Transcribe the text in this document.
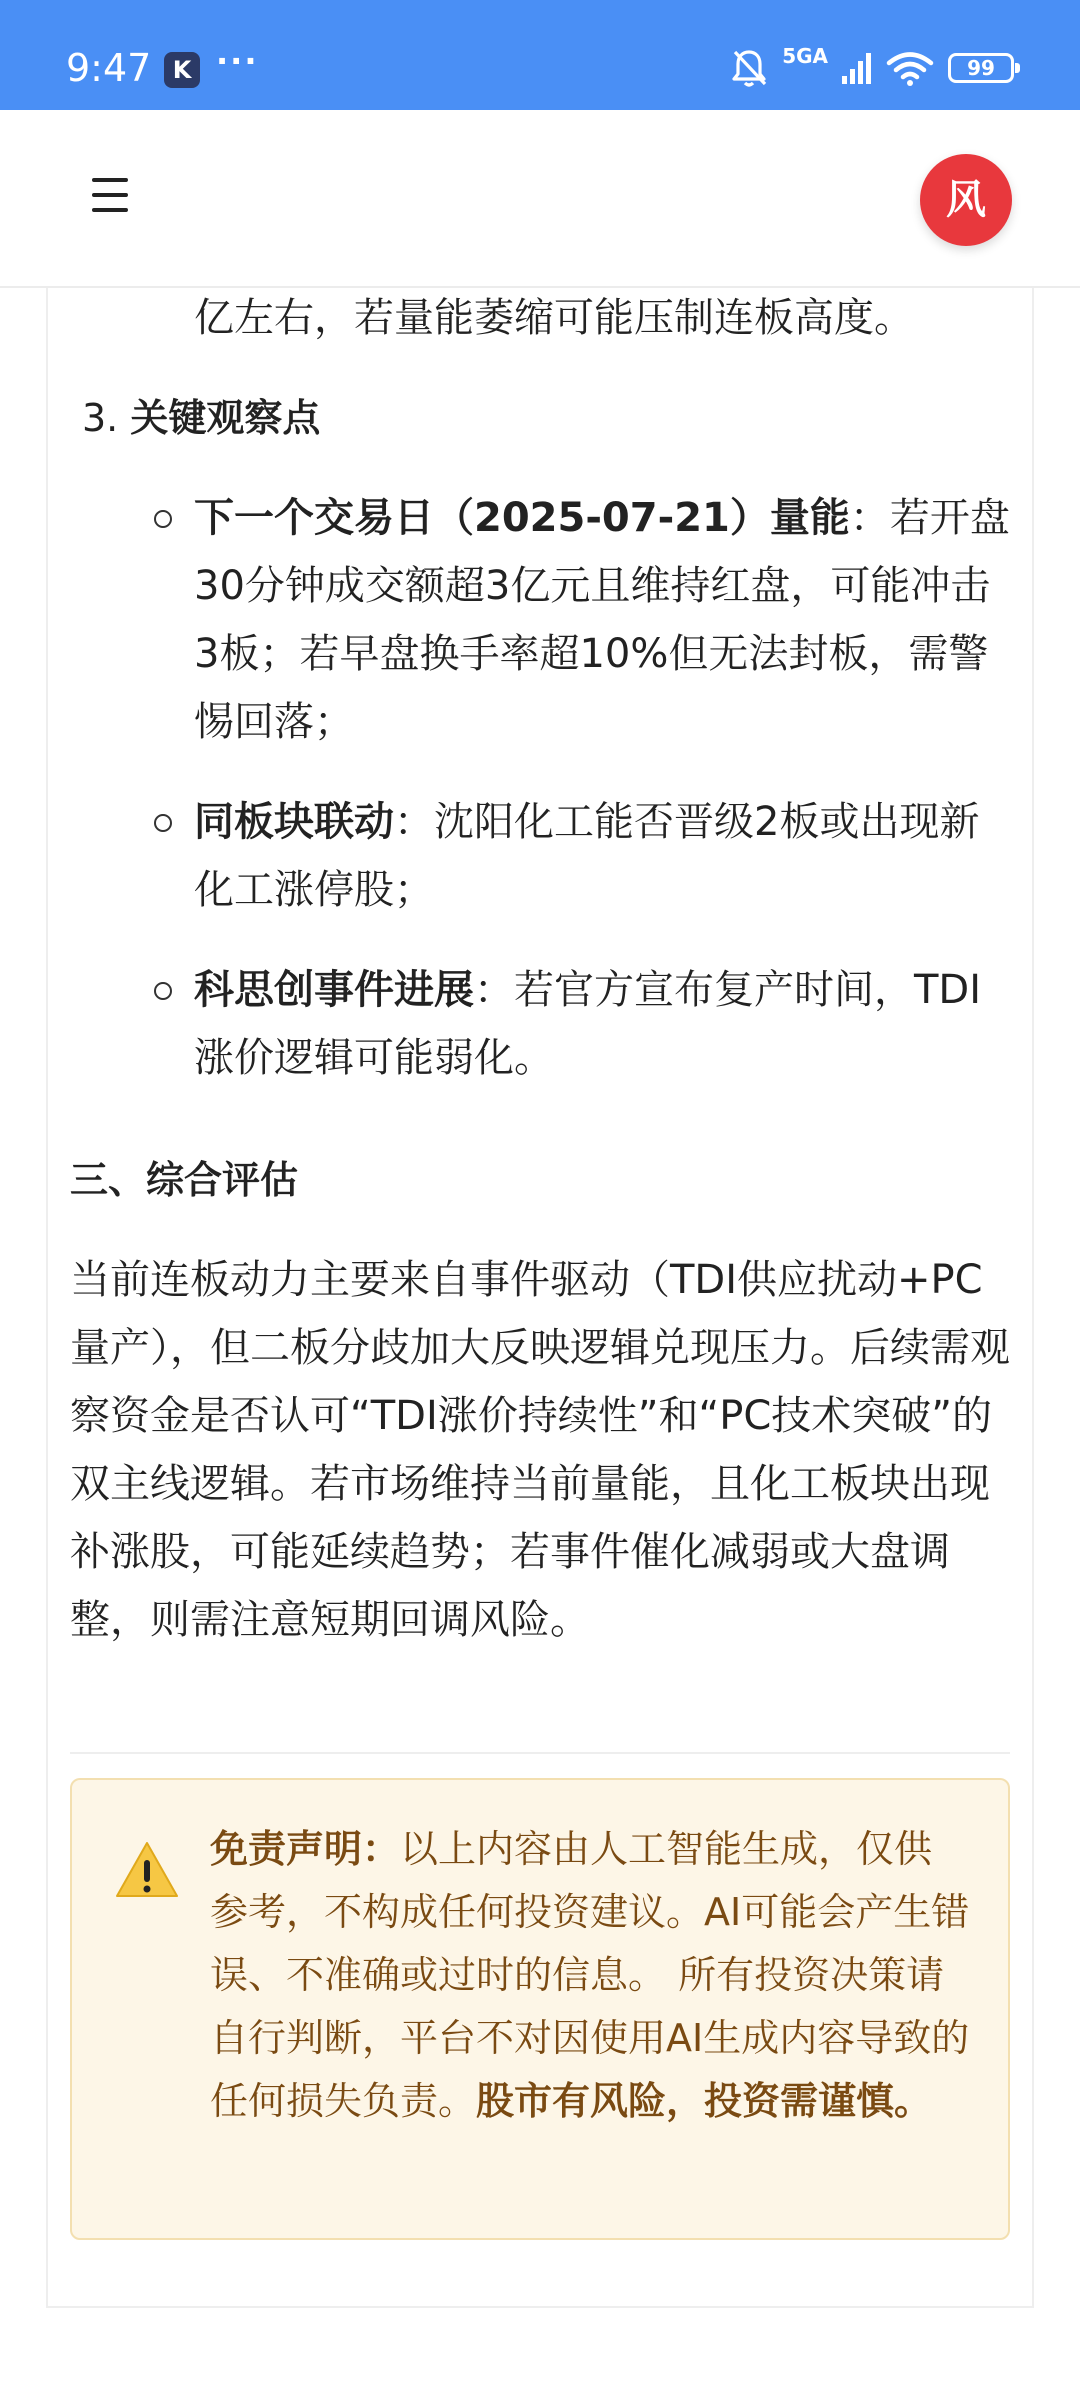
9:47 K ···	5GA	99
风
亿左右，若量能萎缩可能压制连板高度。
3. 关键观察点
下一个交易日（2025-07-21）量能：若开盘30分钟成交额超3亿元且维持红盘，可能冲击3板；若早盘换手率超10%但无法封板，需警惕回落；
同板块联动：沈阳化工能否晋级2板或出现新化工涨停股；
科思创事件进展：若官方宣布复产时间，TDI涨价逻辑可能弱化。
三、综合评估
当前连板动力主要来自事件驱动（TDI供应扰动+PC量产），但二板分歧加大反映逻辑兑现压力。后续需观察资金是否认可“TDI涨价持续性”和“PC技术突破”的双主线逻辑。若市场维持当前量能，且化工板块出现补涨股，可能延续趋势；若事件催化减弱或大盘调整，则需注意短期回调风险。
免责声明：以上内容由人工智能生成，仅供参考，不构成任何投资建议。AI可能会产生错误、不准确或过时的信息。 所有投资决策请自行判断，平台不对因使用AI生成内容导致的任何损失负责。股市有风险，投资需谨慎。
